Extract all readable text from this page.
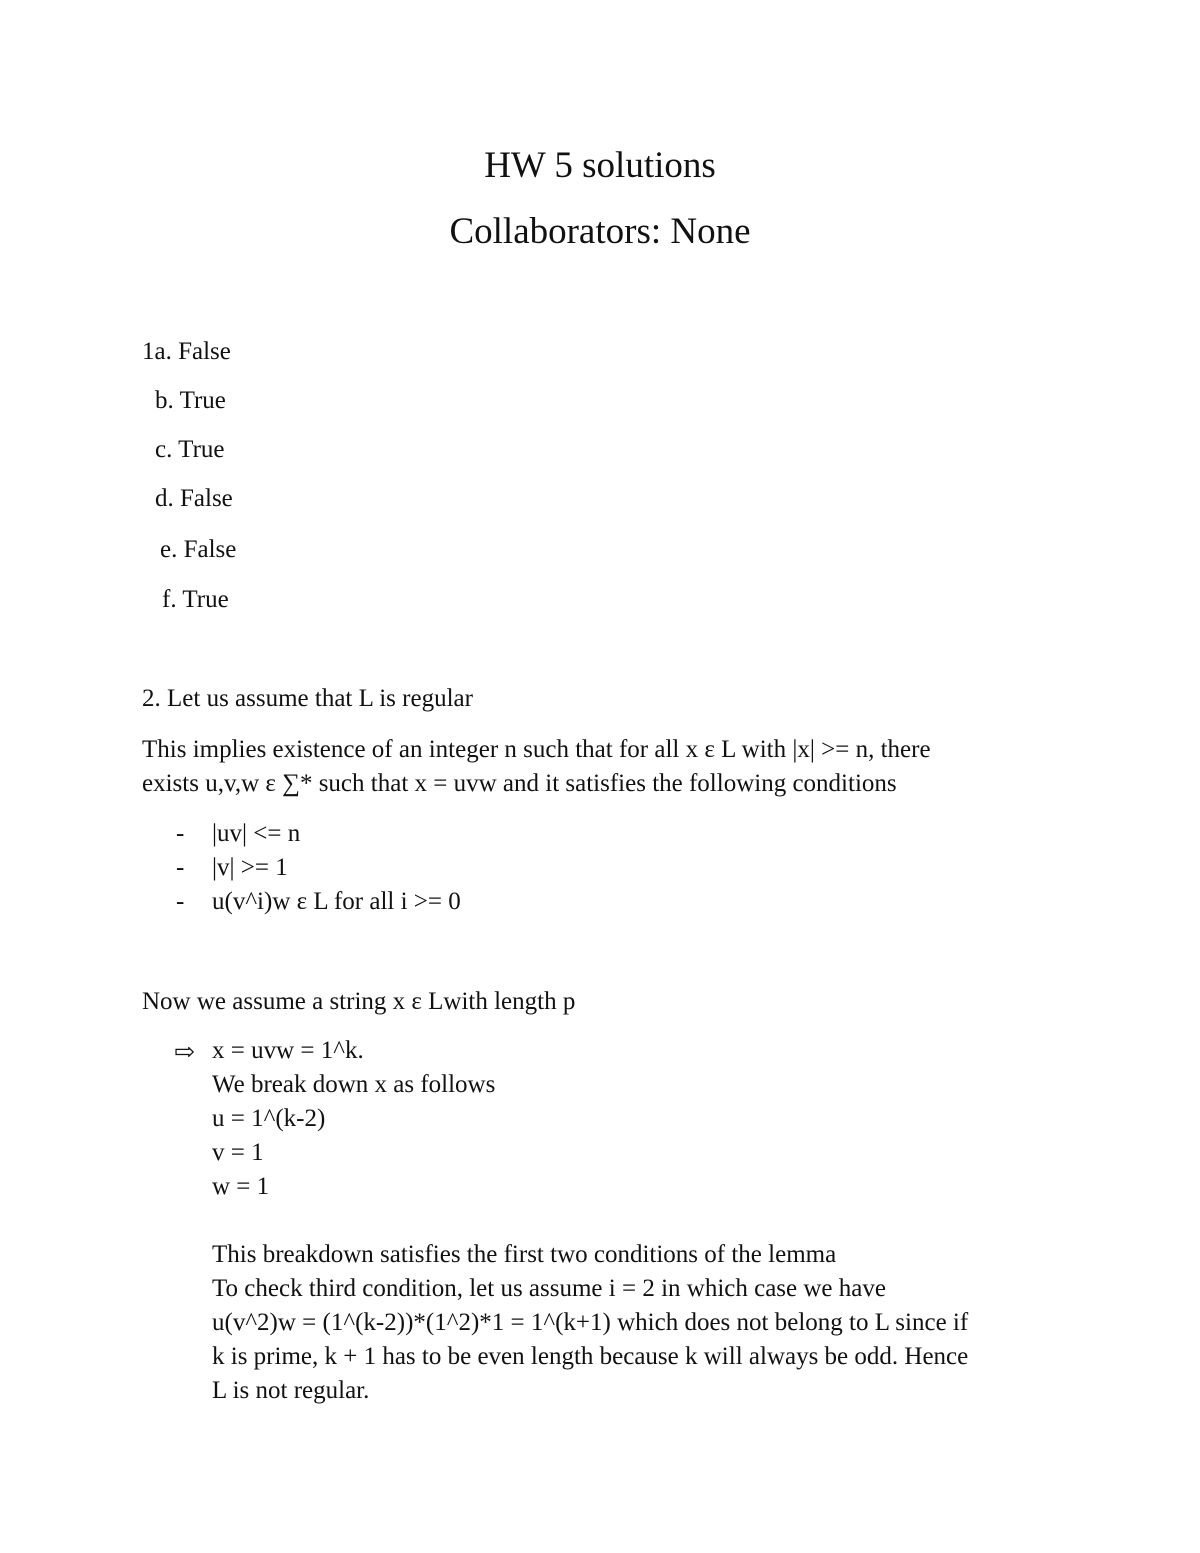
HW 5 solutions
Collaborators: None
1a. False
b. True
c. True
d. False
e. False
f. True
2. Let us assume that L is regular
This implies existence of an integer n such that for all x ε L with |x| >= n, there
exists u,v,w ε ∑* such that x = uvw and it satisfies the following conditions
- |uv| <= n
- |v| >= 1
- u(v^i)w ε L for all i >= 0
Now we assume a string x ε Lwith length p
⇨ x = uvw = 1^k.
We break down x as follows
u = 1^(k-2)
v = 1
w = 1
This breakdown satisfies the first two conditions of the lemma
To check third condition, let us assume i = 2 in which case we have
u(v^2)w = (1^(k-2))*(1^2)*1 = 1^(k+1) which does not belong to L since if
k is prime, k + 1 has to be even length because k will always be odd. Hence
L is not regular.
